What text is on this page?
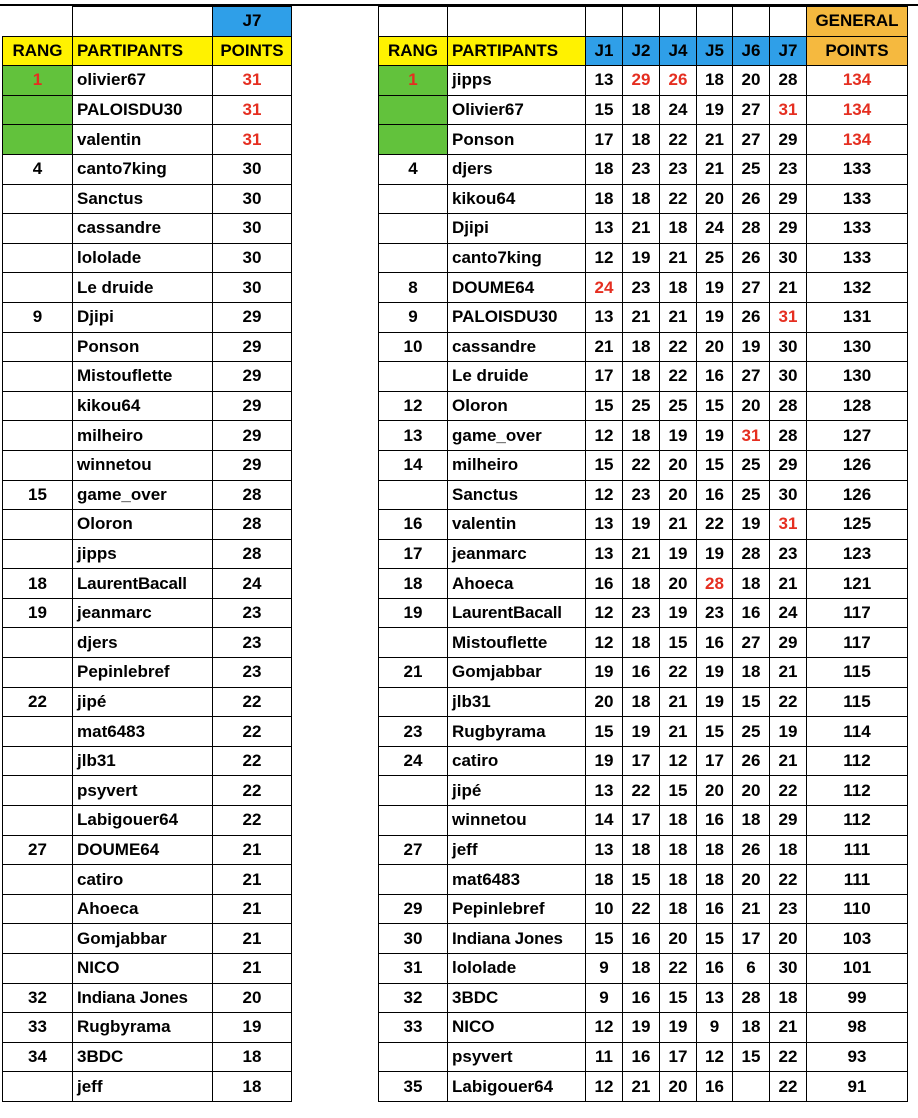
		J7
RANG	PARTIPANTS	POINTS
1	olivier67	31
	PALOISDU30	31
	valentin	31
4	canto7king	30
	Sanctus	30
	cassandre	30
	lololade	30
	Le druide	30
9	Djipi	29
	Ponson	29
	Mistouflette	29
	kikou64	29
	milheiro	29
	winnetou	29
15	game_over	28
	Oloron	28
	jipps	28
18	LaurentBacall	24
19	jeanmarc	23
	djers	23
	Pepinlebref	23
22	jipé	22
	mat6483	22
	jlb31	22
	psyvert	22
	Labigouer64	22
27	DOUME64	21
	catiro	21
	Ahoeca	21
	Gomjabbar	21
	NICO	21
32	Indiana Jones	20
33	Rugbyrama	19
34	3BDC	18
	jeff	18
								GENERAL
RANG	PARTIPANTS	J1	J2	J4	J5	J6	J7	POINTS
1	jipps	13	29	26	18	20	28	134
	Olivier67	15	18	24	19	27	31	134
	Ponson	17	18	22	21	27	29	134
4	djers	18	23	23	21	25	23	133
	kikou64	18	18	22	20	26	29	133
	Djipi	13	21	18	24	28	29	133
	canto7king	12	19	21	25	26	30	133
8	DOUME64	24	23	18	19	27	21	132
9	PALOISDU30	13	21	21	19	26	31	131
10	cassandre	21	18	22	20	19	30	130
	Le druide	17	18	22	16	27	30	130
12	Oloron	15	25	25	15	20	28	128
13	game_over	12	18	19	19	31	28	127
14	milheiro	15	22	20	15	25	29	126
	Sanctus	12	23	20	16	25	30	126
16	valentin	13	19	21	22	19	31	125
17	jeanmarc	13	21	19	19	28	23	123
18	Ahoeca	16	18	20	28	18	21	121
19	LaurentBacall	12	23	19	23	16	24	117
	Mistouflette	12	18	15	16	27	29	117
21	Gomjabbar	19	16	22	19	18	21	115
	jlb31	20	18	21	19	15	22	115
23	Rugbyrama	15	19	21	15	25	19	114
24	catiro	19	17	12	17	26	21	112
	jipé	13	22	15	20	20	22	112
	winnetou	14	17	18	16	18	29	112
27	jeff	13	18	18	18	26	18	111
	mat6483	18	15	18	18	20	22	111
29	Pepinlebref	10	22	18	16	21	23	110
30	Indiana Jones	15	16	20	15	17	20	103
31	lololade	9	18	22	16	6	30	101
32	3BDC	9	16	15	13	28	18	99
33	NICO	12	19	19	9	18	21	98
	psyvert	11	16	17	12	15	22	93
35	Labigouer64	12	21	20	16		22	91
